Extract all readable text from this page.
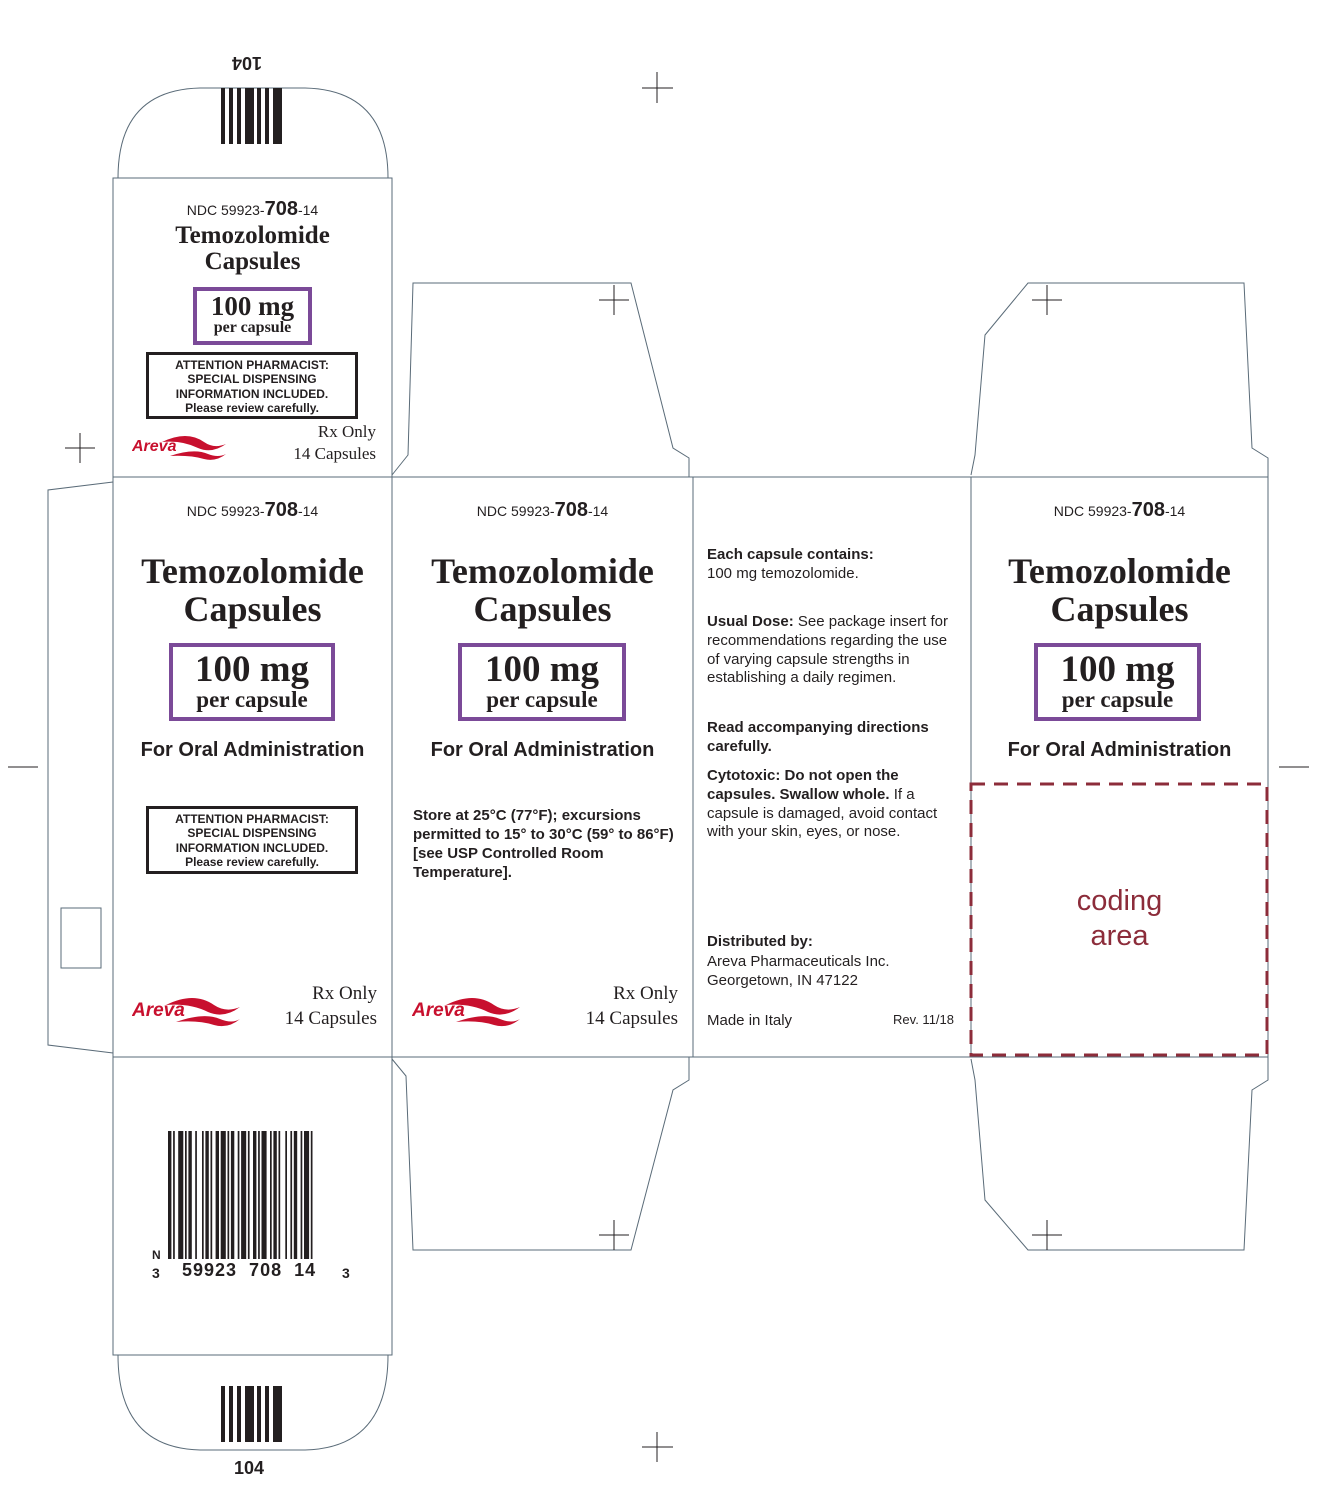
104
NDC 59923-708-14
Temozolomide
Capsules
100 mg
per capsule
ATTENTION PHARMACIST:
SPECIAL DISPENSING
INFORMATION INCLUDED.
Please review carefully.
Areva
Rx Only
14 Capsules
NDC 59923-708-14
Temozolomide
Capsules
100 mg
per capsule
For Oral Administration
ATTENTION PHARMACIST:
SPECIAL DISPENSING
INFORMATION INCLUDED.
Please review carefully.
Areva
Rx Only
14 Capsules
NDC 59923-708-14
Temozolomide
Capsules
100 mg
per capsule
For Oral Administration
Store at 25°C (77°F); excursions permitted to 15° to 30°C (59° to 86°F) [see USP Controlled Room Temperature].
Areva
Rx Only
14 Capsules
Each capsule contains:
100 mg temozolomide.
Usual Dose: See package insert for recommendations regarding the use of varying capsule strengths in establishing a daily regimen.
Read accompanying directions carefully.
Cytotoxic: Do not open the capsules. Swallow whole. If a capsule is damaged, avoid contact with your skin, eyes, or nose.
Distributed by:
Areva Pharmaceuticals Inc.
Georgetown, IN 47122
Made in Italy	Rev. 11/18
NDC 59923-708-14
Temozolomide
Capsules
100 mg
per capsule
For Oral Administration
coding
area
N
3 59923  708  14 3
104
